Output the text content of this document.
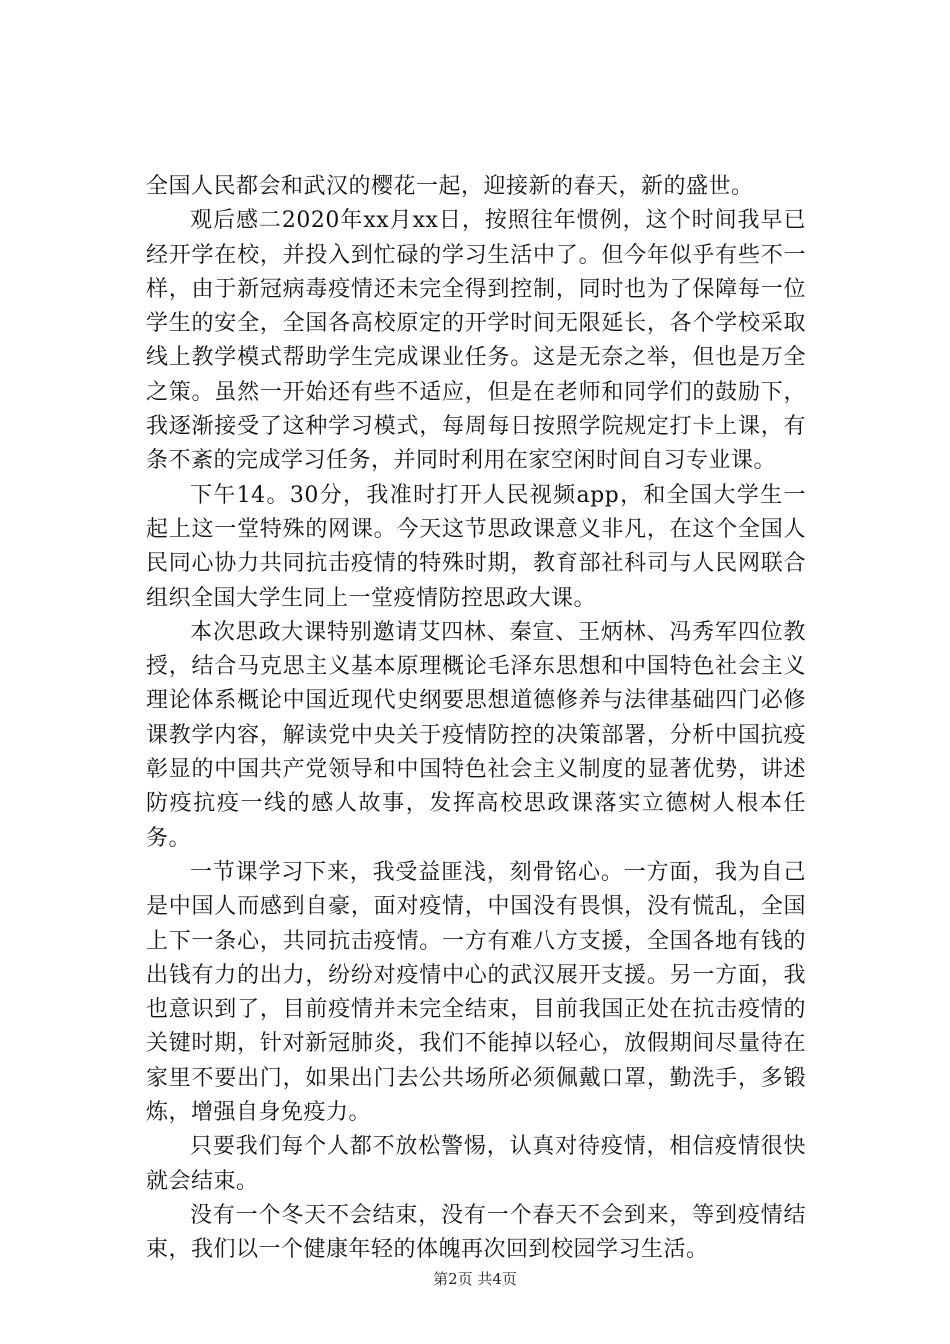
全国人民都会和武汉的樱花一起，迎接新的春天，新的盛世。

观后感二2020年xx月xx日，按照往年惯例，这个时间我早已经开学在校，并投入到忙碌的学习生活中了。但今年似乎有些不一样，由于新冠病毒疫情还未完全得到控制，同时也为了保障每一位学生的安全，全国各高校原定的开学时间无限延长，各个学校采取线上教学模式帮助学生完成课业任务。这是无奈之举，但也是万全之策。虽然一开始还有些不适应，但是在老师和同学们的鼓励下，我逐渐接受了这种学习模式，每周每日按照学院规定打卡上课，有条不紊的完成学习任务，并同时利用在家空闲时间自习专业课。

下午14。30分，我准时打开人民视频app，和全国大学生一起上这一堂特殊的网课。今天这节思政课意义非凡，在这个全国人民同心协力共同抗击疫情的特殊时期，教育部社科司与人民网联合组织全国大学生同上一堂疫情防控思政大课。

本次思政大课特别邀请艾四林、秦宣、王炳林、冯秀军四位教授，结合马克思主义基本原理概论毛泽东思想和中国特色社会主义理论体系概论中国近现代史纲要思想道德修养与法律基础四门必修课教学内容，解读党中央关于疫情防控的决策部署，分析中国抗疫彰显的中国共产党领导和中国特色社会主义制度的显著优势，讲述防疫抗疫一线的感人故事，发挥高校思政课落实立德树人根本任务。

一节课学习下来，我受益匪浅，刻骨铭心。一方面，我为自己是中国人而感到自豪，面对疫情，中国没有畏惧，没有慌乱，全国上下一条心，共同抗击疫情。一方有难八方支援，全国各地有钱的出钱有力的出力，纷纷对疫情中心的武汉展开支援。另一方面，我也意识到了，目前疫情并未完全结束，目前我国正处在抗击疫情的关键时期，针对新冠肺炎，我们不能掉以轻心，放假期间尽量待在家里不要出门，如果出门去公共场所必须佩戴口罩，勤洗手，多锻炼，增强自身免疫力。

只要我们每个人都不放松警惕，认真对待疫情，相信疫情很快就会结束。

没有一个冬天不会结束，没有一个春天不会到来，等到疫情结束，我们以一个健康年轻的体魄再次回到校园学习生活。

第2页 共4页
